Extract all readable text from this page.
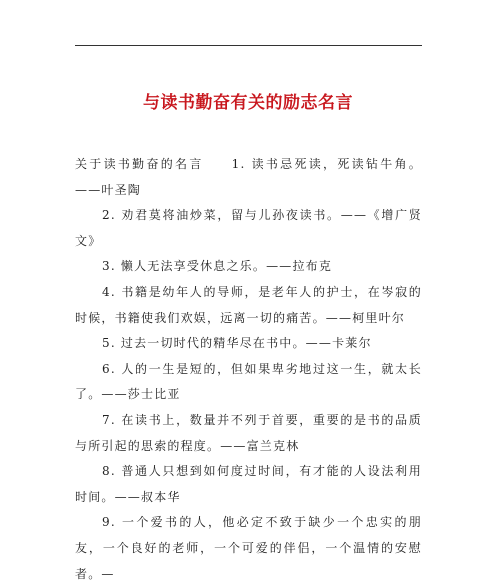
与读书勤奋有关的励志名言

关于读书勤奋的名言 1. 读书忌死读，死读钻牛角。——叶圣陶

2. 劝君莫将油炒菜，留与儿孙夜读书。——《增广贤文》

3. 懒人无法享受休息之乐。——拉布克

4. 书籍是幼年人的导师，是老年人的护士，在岑寂的时候，书籍使我们欢娱，远离一切的痛苦。——柯里叶尔

5. 过去一切时代的精华尽在书中。——卡莱尔

6. 人的一生是短的，但如果卑劣地过这一生，就太长了。——莎士比亚

7. 在读书上，数量并不列于首要，重要的是书的品质与所引起的思索的程度。——富兰克林

8. 普通人只想到如何度过时间，有才能的人设法利用时间。——叔本华

9. 一个爱书的人，他必定不致于缺少一个忠实的朋友，一个良好的老师，一个可爱的伴侣，一个温情的安慰者。—
